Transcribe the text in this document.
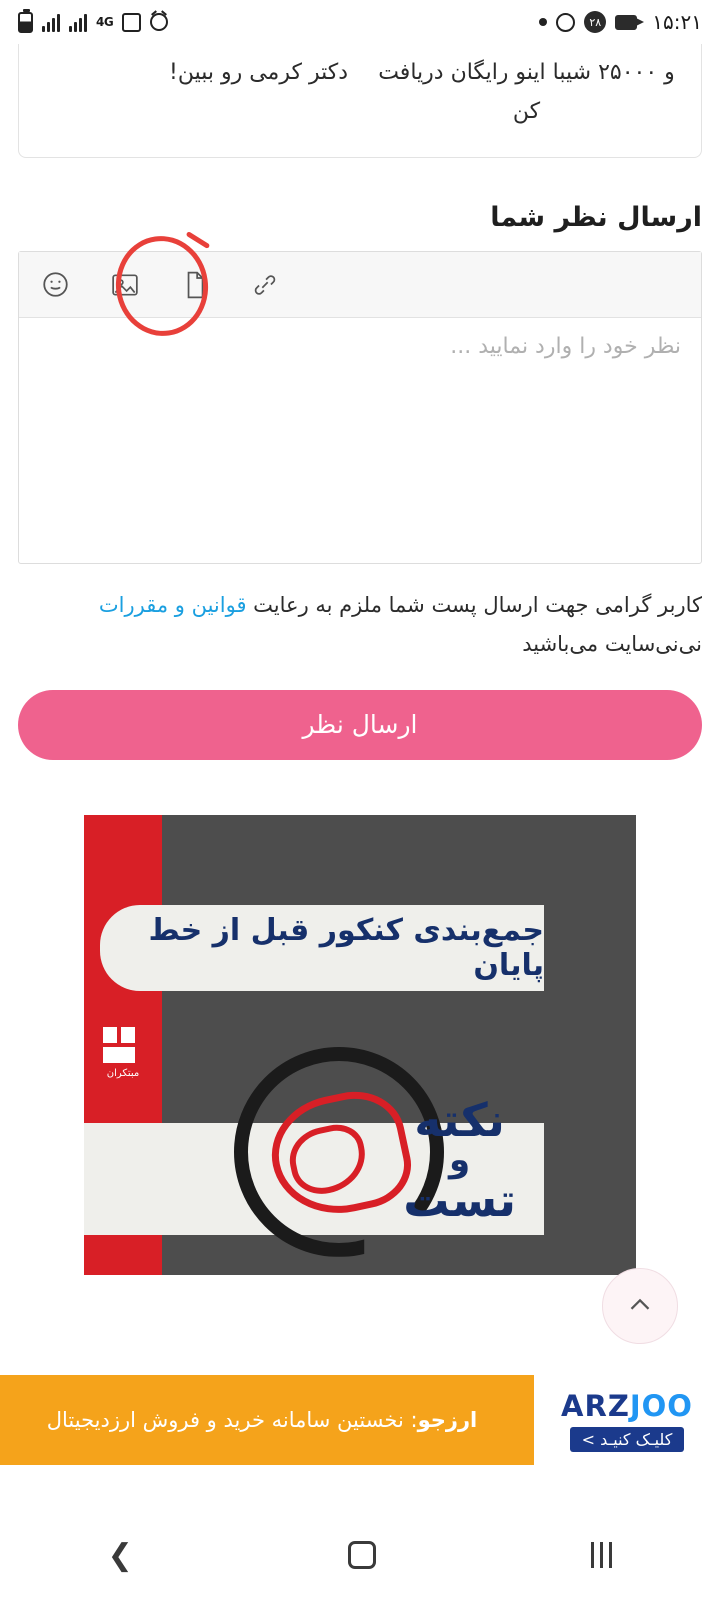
4G	۲۸	۱۵:۲۱
و ۲۵۰۰۰ شیبا اینو رایگان دریافت کن
دکتر کرمی رو ببین!
ارسال نظر شما
نظر خود را وارد نمایید ...

کاربر گرامی جهت ارسال پست شما ملزم به رعایت قوانین و مقررات نی‌نی‌سایت می‌باشید

ارسال نظر
مبتکران
جمع‌بندی کنکور قبل از خط پایان
نکته
و
تست
ARZJOO
کلیـک کنیـد >
ارزجو: نخستین سامانه خرید و فروش ارزدیجیتال
❯
